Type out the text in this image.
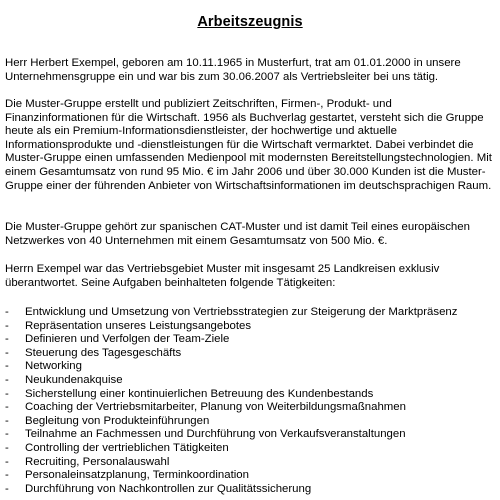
Arbeitszeugnis

Herr Herbert Exempel, geboren am 10.11.1965 in Musterfurt, trat am 01.01.2000 in unsere Unternehmensgruppe ein und war bis zum 30.06.2007 als Vertriebsleiter bei uns tätig.

Die Muster-Gruppe erstellt und publiziert Zeitschriften, Firmen-, Produkt- und Finanzinformationen für die Wirtschaft. 1956 als Buchverlag gestartet, versteht sich die Gruppe heute als ein Premium-Informationsdienstleister, der hochwertige und aktuelle Informationsprodukte und -dienstleistungen für die Wirtschaft vermarktet. Dabei verbindet die Muster-Gruppe einen umfassenden Medienpool mit modernsten Bereitstellungstechnologien. Mit einem Gesamtumsatz von rund 95 Mio. € im Jahr 2006 und über 30.000 Kunden ist die Muster-Gruppe einer der führenden Anbieter von Wirtschaftsinformationen im deutschsprachigen Raum.

Die Muster-Gruppe gehört zur spanischen CAT-Muster und ist damit Teil eines europäischen Netzwerkes von 40 Unternehmen mit einem Gesamtumsatz von 500 Mio. €.

Herrn Exempel war das Vertriebsgebiet Muster mit insgesamt 25 Landkreisen exklusiv überantwortet. Seine Aufgaben beinhalteten folgende Tätigkeiten:

- Entwicklung und Umsetzung von Vertriebsstrategien zur Steigerung der Marktpräsenz
- Repräsentation unseres Leistungsangebotes
- Definieren und Verfolgen der Team-Ziele
- Steuerung des Tagesgeschäfts
- Networking
- Neukundenakquise
- Sicherstellung einer kontinuierlichen Betreuung des Kundenbestands
- Coaching der Vertriebsmitarbeiter, Planung von Weiterbildungsmaßnahmen
- Begleitung von Produkteinführungen
- Teilnahme an Fachmessen und Durchführung von Verkaufsveranstaltungen
- Controlling der vertrieblichen Tätigkeiten
- Recruiting, Personalauswahl
- Personaleinsatzplanung, Terminkoordination
- Durchführung von Nachkontrollen zur Qualitätssicherung
